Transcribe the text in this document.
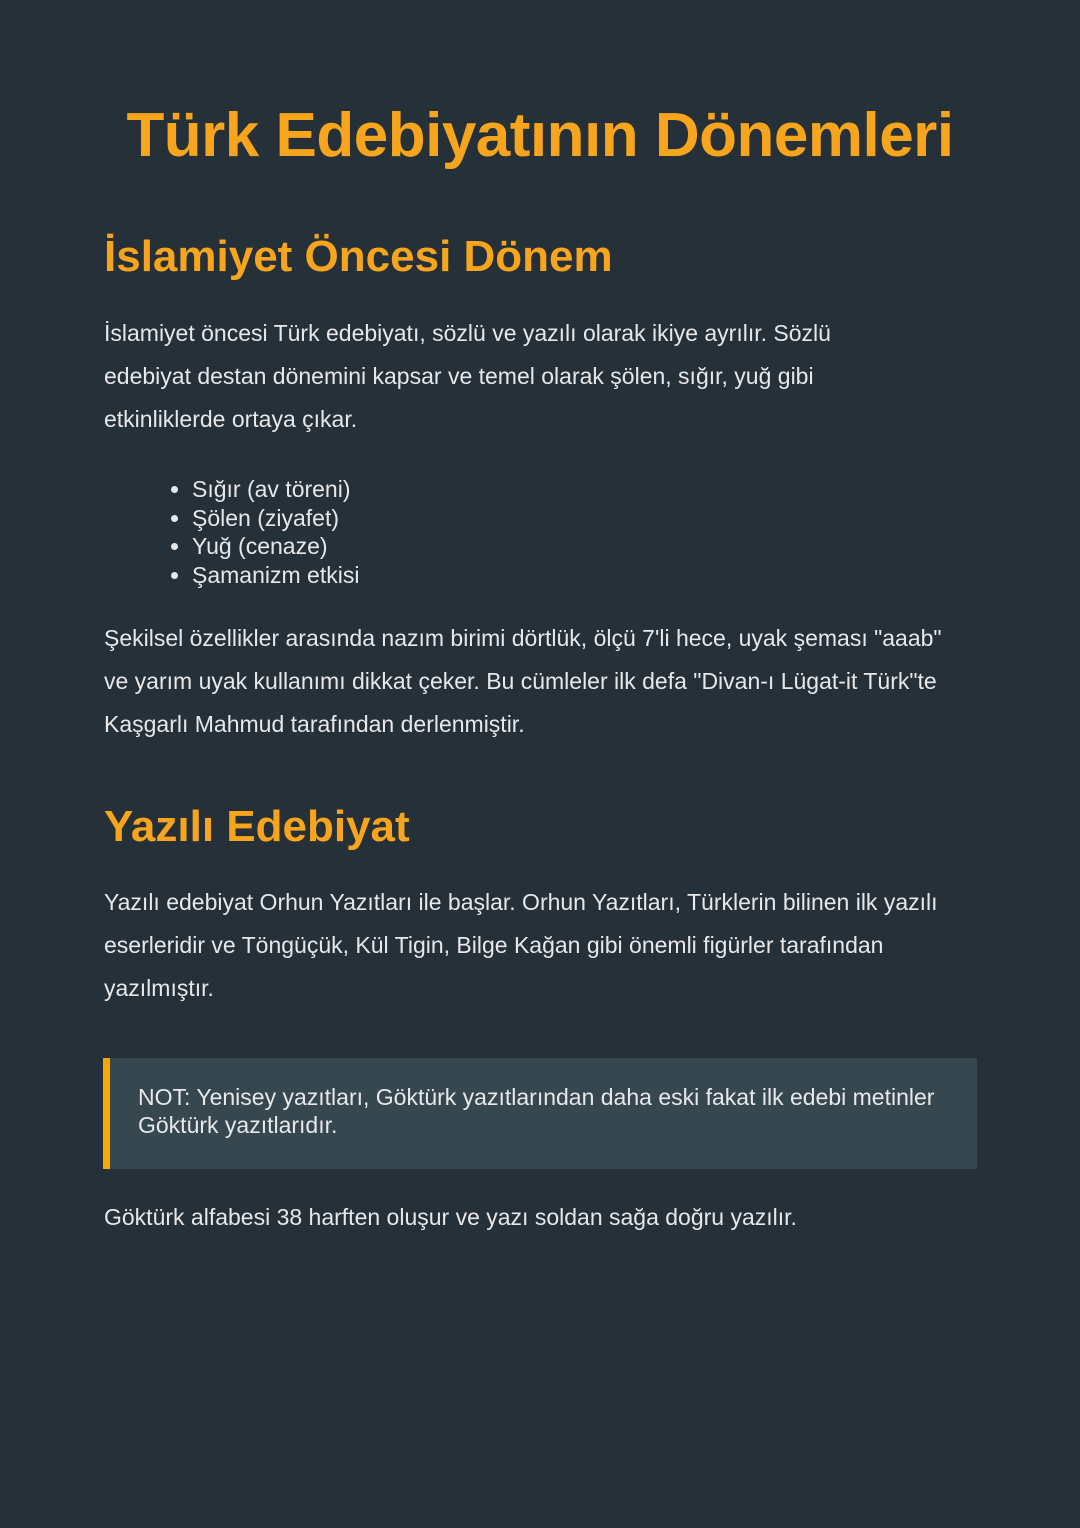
Türk Edebiyatının Dönemleri
İslamiyet Öncesi Dönem

İslamiyet öncesi Türk edebiyatı, sözlü ve yazılı olarak ikiye ayrılır. Sözlü edebiyat destan dönemini kapsar ve temel olarak şölen, sığır, yuğ gibi etkinliklerde ortaya çıkar.

• Sığır (av töreni)
• Şölen (ziyafet)
• Yuğ (cenaze)
• Şamanizm etkisi

Şekilsel özellikler arasında nazım birimi dörtlük, ölçü 7'li hece, uyak şeması "aaab" ve yarım uyak kullanımı dikkat çeker. Bu cümleler ilk defa "Divan-ı Lügat-it Türk"te Kaşgarlı Mahmud tarafından derlenmiştir.

Yazılı Edebiyat

Yazılı edebiyat Orhun Yazıtları ile başlar. Orhun Yazıtları, Türklerin bilinen ilk yazılı eserleridir ve Töngüçük, Kül Tigin, Bilge Kağan gibi önemli figürler tarafından yazılmıştır.

NOT: Yenisey yazıtları, Göktürk yazıtlarından daha eski fakat ilk edebi metinler Göktürk yazıtlarıdır.

Göktürk alfabesi 38 harften oluşur ve yazı soldan sağa doğru yazılır.
